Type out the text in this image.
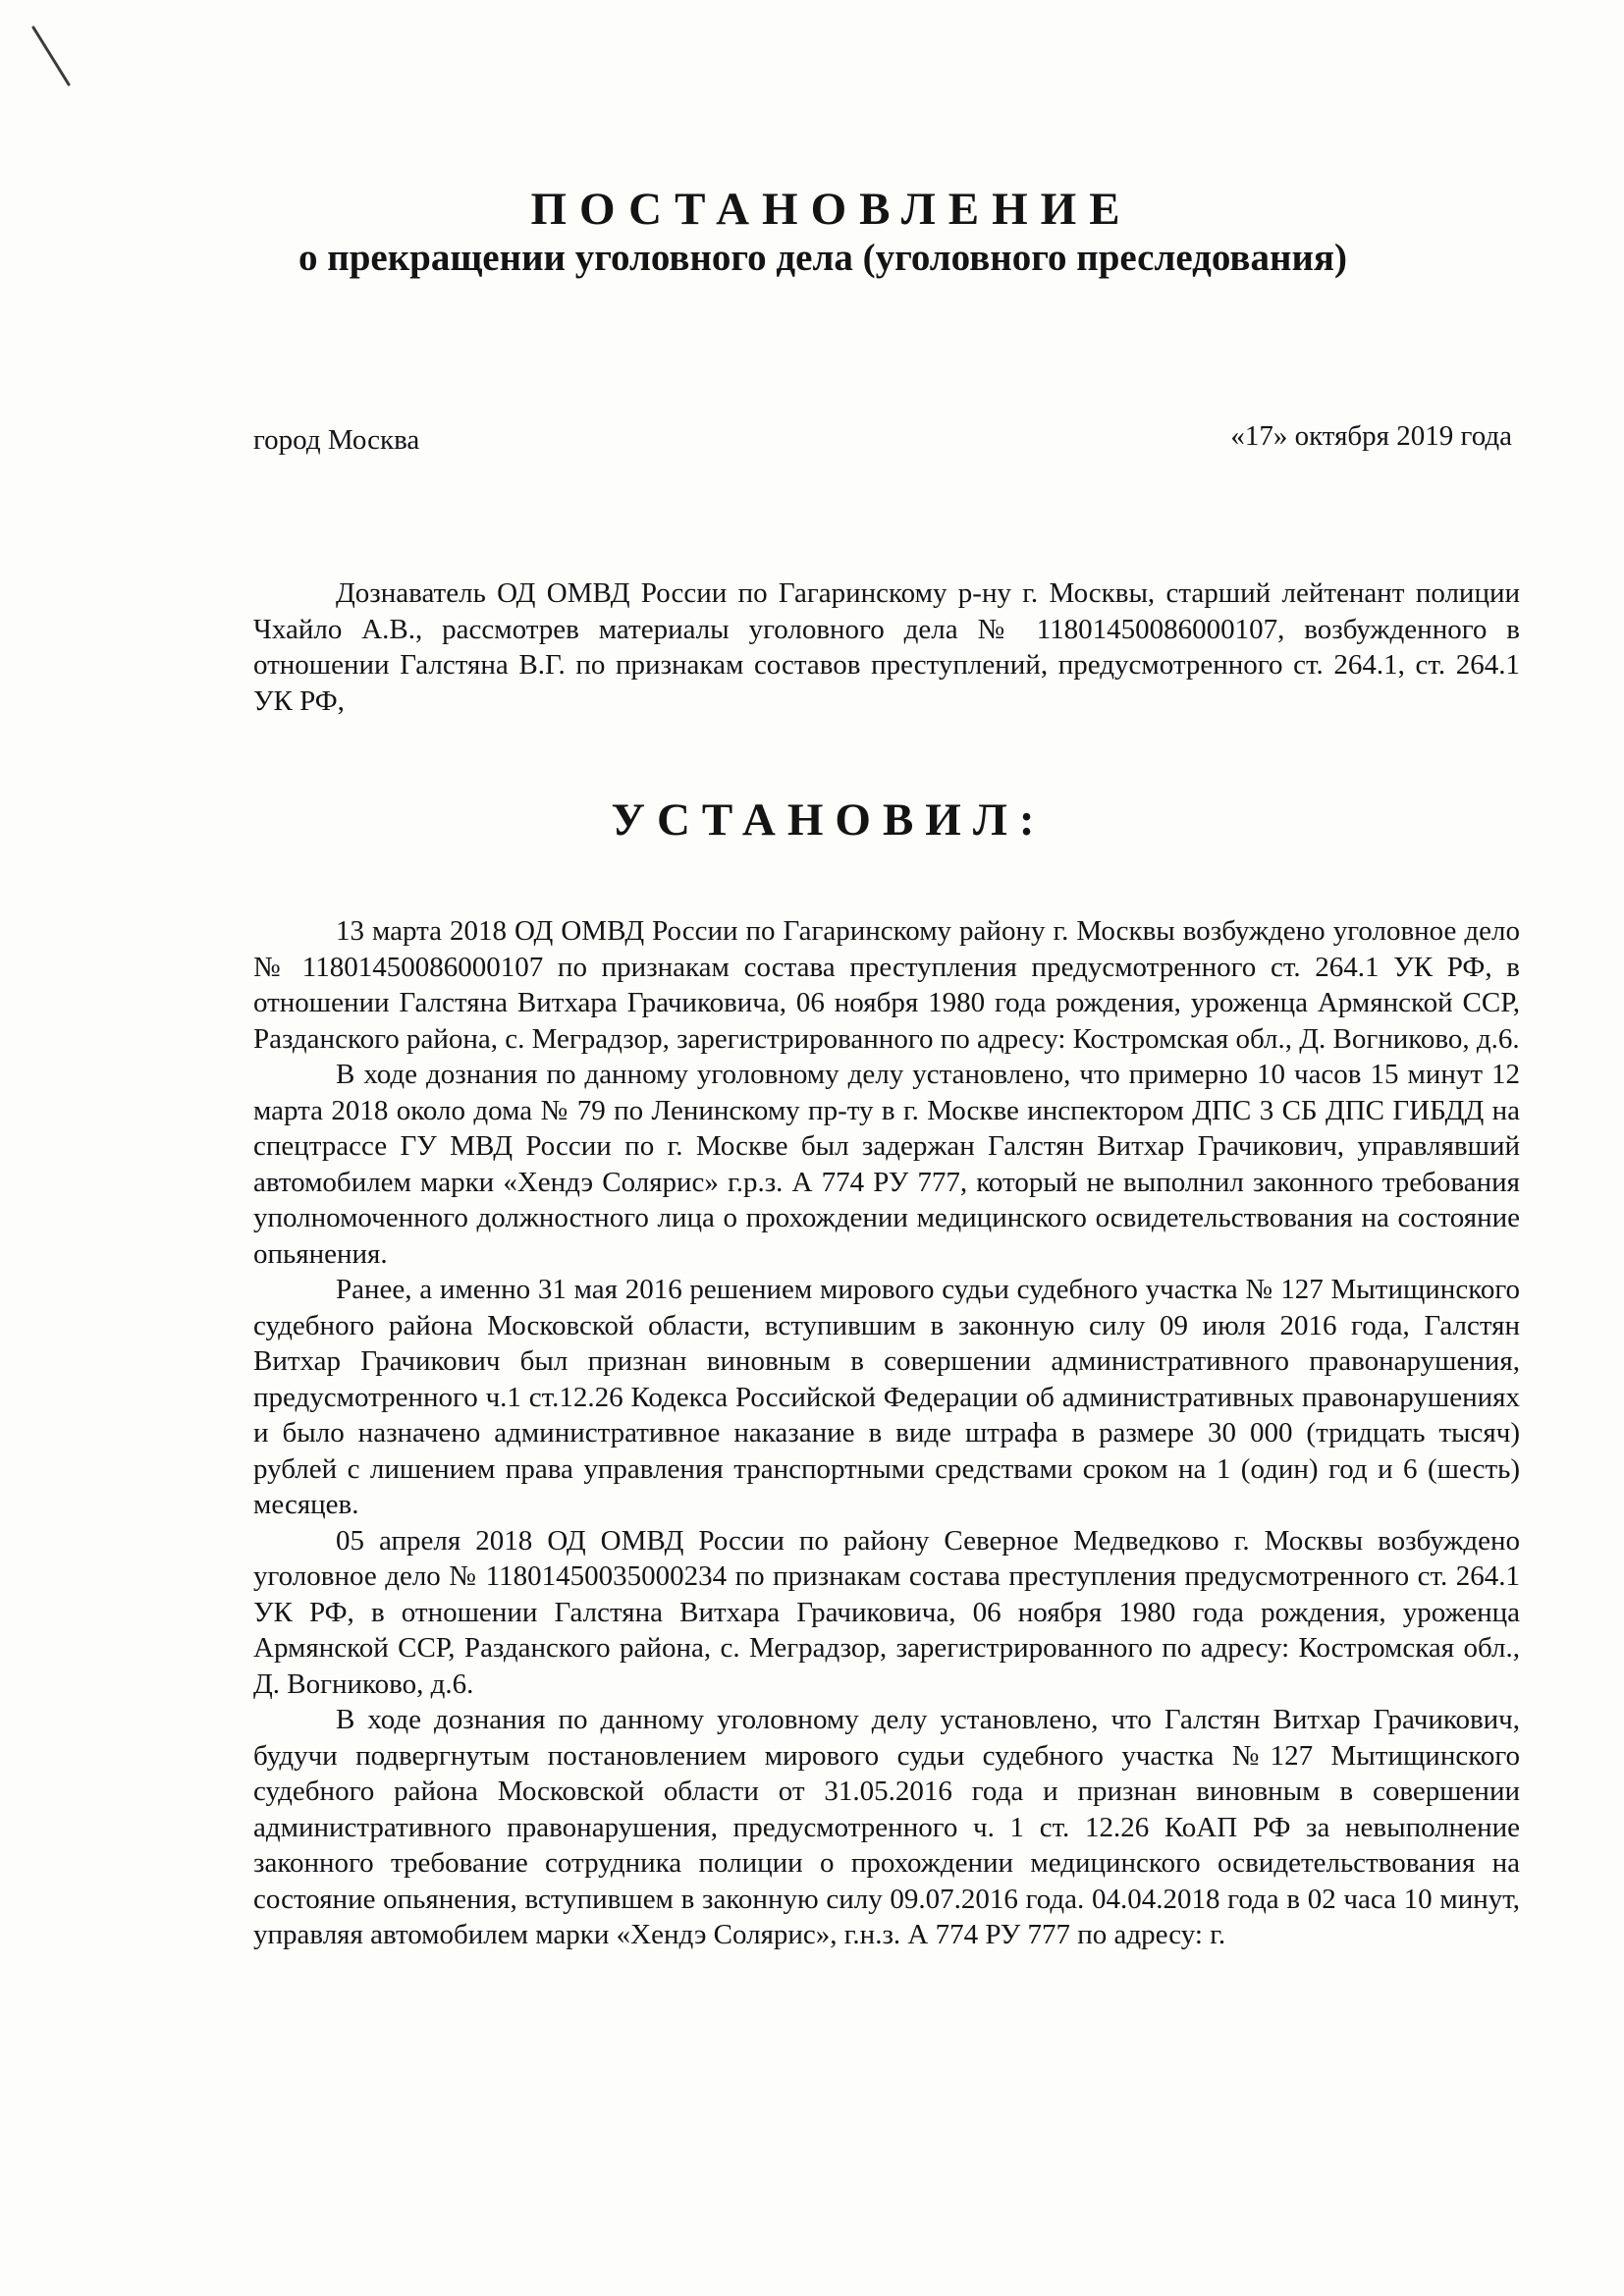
ПОСТАНОВЛЕНИЕ
о прекращении уголовного дела (уголовного преследования)
город Москва	«17» октября 2019 года

Дознаватель ОД ОМВД России по Гагаринскому р-ну г. Москвы, старший лейтенант полиции Чхайло А.В., рассмотрев материалы уголовного дела № 11801450086000107, возбужденного в отношении Галстяна В.Г. по признакам составов преступлений, предусмотренного ст. 264.1, ст. 264.1 УК РФ,

УСТАНОВИЛ:

13 марта 2018 ОД ОМВД России по Гагаринскому району г. Москвы возбуждено уголовное дело № 11801450086000107 по признакам состава преступления предусмотренного ст. 264.1 УК РФ, в отношении Галстяна Витхара Грачиковича, 06 ноября 1980 года рождения, уроженца Армянской ССР, Разданского района, с. Меградзор, зарегистрированного по адресу: Костромская обл., Д. Вогниково, д.6.

В ходе дознания по данному уголовному делу установлено, что примерно 10 часов 15 минут 12 марта 2018 около дома № 79 по Ленинскому пр-ту в г. Москве инспектором ДПС 3 СБ ДПС ГИБДД на спецтрассе ГУ МВД России по г. Москве был задержан Галстян Витхар Грачикович, управлявший автомобилем марки «Хендэ Солярис» г.р.з. А 774 РУ 777, который не выполнил законного требования уполномоченного должностного лица о прохождении медицинского освидетельствования на состояние опьянения.

Ранее, а именно 31 мая 2016 решением мирового судьи судебного участка № 127 Мытищинского судебного района Московской области, вступившим в законную силу 09 июля 2016 года, Галстян Витхар Грачикович был признан виновным в совершении административного правонарушения, предусмотренного ч.1 ст.12.26 Кодекса Российской Федерации об административных правонарушениях и было назначено административное наказание в виде штрафа в размере 30 000 (тридцать тысяч) рублей с лишением права управления транспортными средствами сроком на 1 (один) год и 6 (шесть) месяцев.

05 апреля 2018 ОД ОМВД России по району Северное Медведково г. Москвы возбуждено уголовное дело № 11801450035000234 по признакам состава преступления предусмотренного ст. 264.1 УК РФ, в отношении Галстяна Витхара Грачиковича, 06 ноября 1980 года рождения, уроженца Армянской ССР, Разданского района, с. Меградзор, зарегистрированного по адресу: Костромская обл., Д. Вогниково, д.6.

В ходе дознания по данному уголовному делу установлено, что Галстян Витхар Грачикович, будучи подвергнутым постановлением мирового судьи судебного участка №127 Мытищинского судебного района Московской области от 31.05.2016 года и признан виновным в совершении административного правонарушения, предусмотренного ч. 1 ст. 12.26 КоАП РФ за невыполнение законного требование сотрудника полиции о прохождении медицинского освидетельствования на состояние опьянения, вступившем в законную силу 09.07.2016 года. 04.04.2018 года в 02 часа 10 минут, управляя автомобилем марки «Хендэ Солярис», г.н.з. А 774 РУ 777 по адресу: г.
